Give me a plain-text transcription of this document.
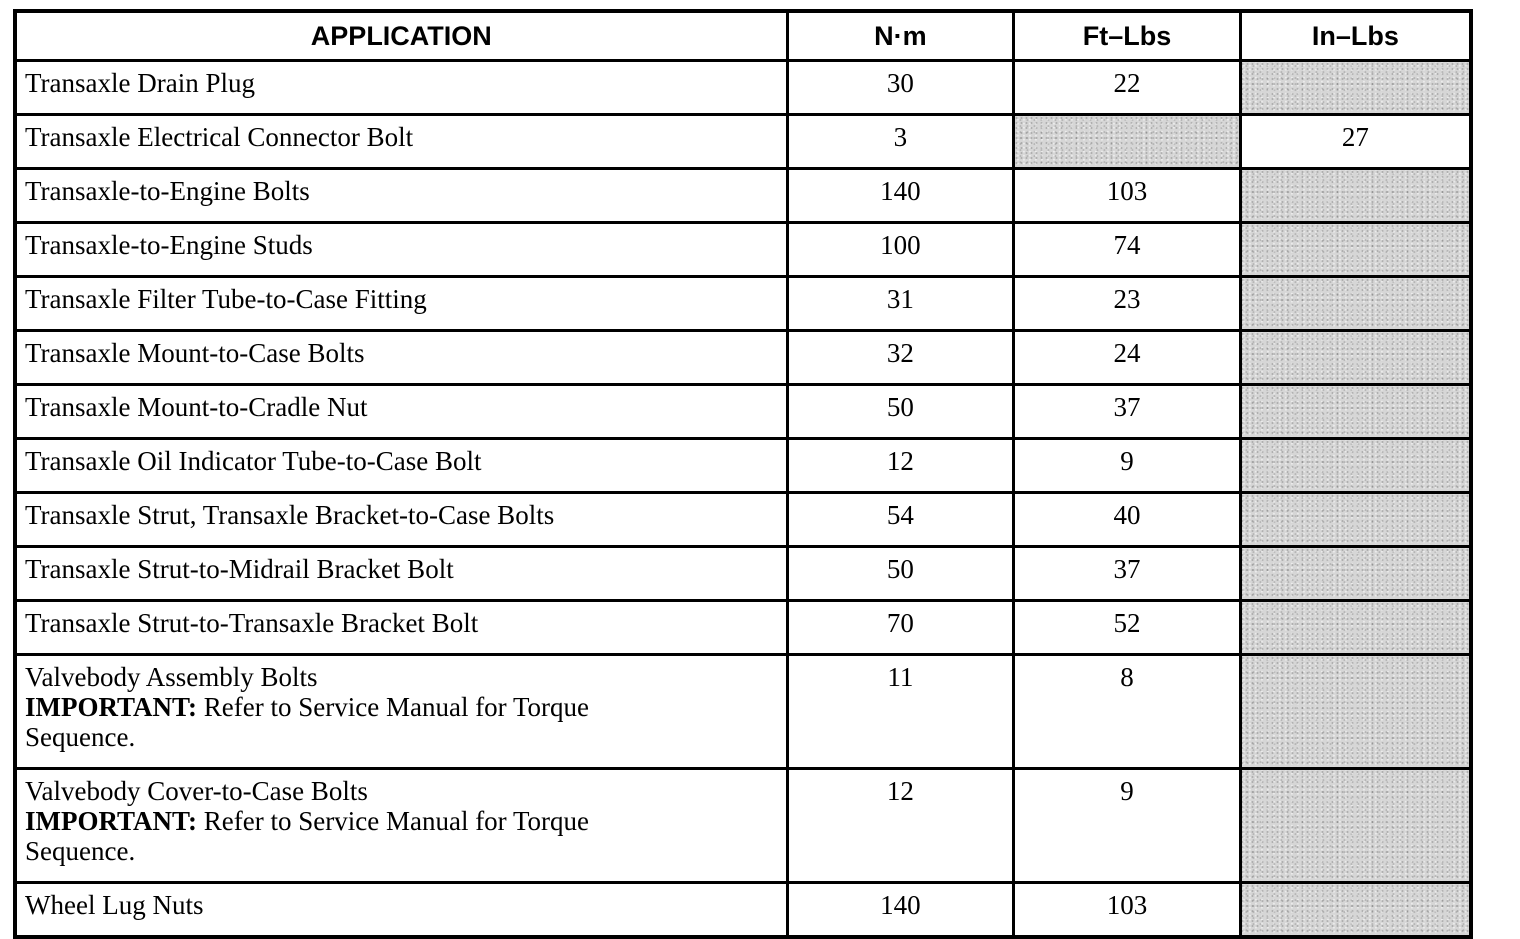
APPLICATION	N·m	Ft–Lbs	In–Lbs
Transaxle Drain Plug	30	22	
Transaxle Electrical Connector Bolt	3		27
Transaxle-to-Engine Bolts	140	103	
Transaxle-to-Engine Studs	100	74	
Transaxle Filter Tube-to-Case Fitting	31	23	
Transaxle Mount-to-Case Bolts	32	24	
Transaxle Mount-to-Cradle Nut	50	37	
Transaxle Oil Indicator Tube-to-Case Bolt	12	9	
Transaxle Strut, Transaxle Bracket-to-Case Bolts	54	40	
Transaxle Strut-to-Midrail Bracket Bolt	50	37	
Transaxle Strut-to-Transaxle Bracket Bolt	70	52	

Valvebody Assembly Bolts
IMPORTANT: Refer to Service Manual for Torque
Sequence.	11	8	

Valvebody Cover-to-Case Bolts
IMPORTANT: Refer to Service Manual for Torque
Sequence.	12	9	
Wheel Lug Nuts	140	103	
